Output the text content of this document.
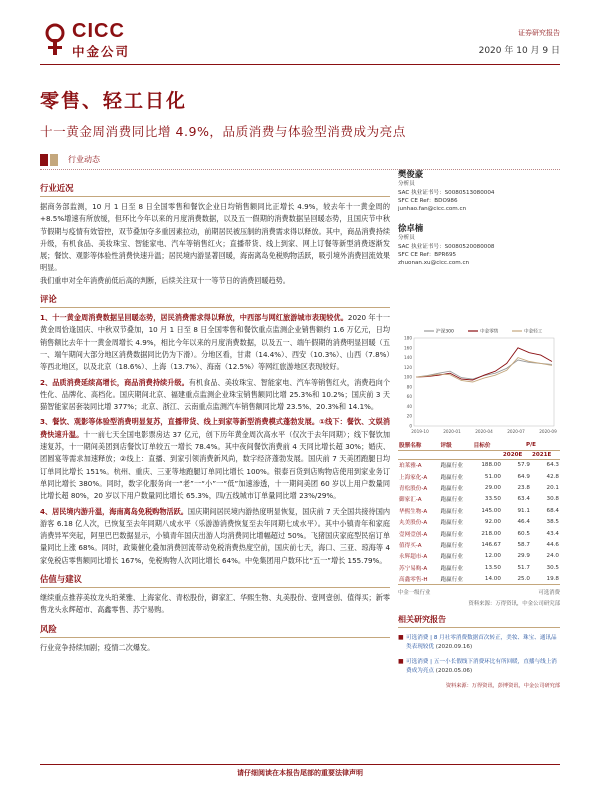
CICC
中金公司
证券研究报告
2020 年 10 月 9 日
零售、轻工日化
十一黄金周消费同比增 4.9%，品质消费与体验型消费成为亮点
行业动态
行业近况

据商务部监测，10 月 1 日至 8 日全国零售和餐饮企业日均销售额同比正增长 4.9%，较去年十一黄金周的+8.5%增速有所放缓，但环比今年以来的月度消费数据，以及五一假期的消费数据呈回暖态势，且国庆节中秋节假期与疫情有效管控，双节叠加夺多重因素拉动，前期居民被压制的消费需求得以释放。其中，商品消费持续升级，有机食品、美妆珠宝、智能家电、汽车等销售红火；直播带货、线上到家、网上订餐等新型消费逐渐发展；餐饮、观影等体验性消费快速升温；居民境内游显著回暖，海南离岛免税购物活跃，吸引境外消费回流效果明显。

我们重申对全年消费前低后高的判断，后续关注双十一等节日的消费回暖趋势。

评论

1、十一黄金周消费数据呈回暖态势，居民消费需求得以释放，中西部与网红旅游城市表现较优。2020 年十一黄金周恰逢国庆、中秋双节叠加，10 月 1 日至 8 日全国零售和餐饮重点监测企业销售额约 1.6 万亿元，日均销售额比去年十一黄金周增长 4.9%，相比今年以来的月度消费数据，以及五一、端午假期的消费明显回暖（五一、端午期间大部分地区消费数据同比仍为下滑）。分地区看，甘肃（14.4%）、西安（10.3%）、山西（7.8%）等西北地区，以及北京（18.6%）、上海（13.7%）、海南（12.5%）等网红旅游地区表现较好。

2、品质消费延续高增长，商品消费持续升级。有机食品、美妆珠宝、智能家电、汽车等销售红火，消费趋向个性化、品牌化、高档化。国庆期间北京、福建重点监测企业珠宝销售额同比增 25.3%和 10.2%；国庆前 3 天猫智能家居套装同比增 377%；北京、浙江、云南重点监测汽车销售额同比增 23.5%、20.3%和 14.1%。

3、餐饮、观影等体验型消费明显复苏，直播带货、线上到家等新型消费模式蓬勃发展。①线下：餐饮、文娱消费快速升温。十一前七天全国电影票房达 37 亿元，创下历年黄金周次高水平（仅次于去年同期）；线下餐饮加速复苏，十一期间美团到店餐饮订单较五一增长 78.4%。其中夜间餐饮消费前 4 天同比增长超 30%；婚庆、团圆宴等需求加速释放；②线上：直播、到家引领消费新风尚，数字经济蓬勃发展。国庆前 7 天美团跑腿日均订单同比增长 151%。杭州、重庆、三亚等地跑腿订单同比增长 100%。银泰百货到店购物店使用到家业务订单同比增长 380%。同时，数字化服务向一“老”一“小”一“低”加速渗透，十一期间美团 60 岁以上用户数量同比增长超 80%，20 岁以下用户数量同比增长 65.3%，四/五线城市订单量同比增 23%/29%。

4、居民境内游升温，海南离岛免税购物活跃。国庆期间居民境内游热度明显恢复，国庆前 7 天全国共接待国内游客 6.18 亿人次，已恢复至去年同期八成水平（乐游游消费恢复至去年同期七成水平）。其中小镇青年和家庭消费异军突起，阿里巴巴数据显示，小镇青年国庆出游人均消费同比增幅超过 50%。飞猪国庆家庭型民宿订单量同比上涨 68%。同时，政策催化叠加消费回流带动免税消费热度空前，国庆前七天，海口、三亚、琼海等 4 家免税店零售额同比增长 167%，免税购物人次同比增长 64%。中免集团用户数环比“五一”增长 155.79%。

估值与建议

继续重点推荐美妆龙头珀莱雅、上海家化、青松股份，御家汇、华熙生物、丸美股份、壹网壹创、值得买；新零售龙头永辉超市、高鑫零售、苏宁易购。

风险

行业竞争持续加剧；疫情二次爆发。

樊俊豪
分析员
SAC 执业证书号：S0080513080004
SFC CE Ref：BDO986
junhao.fan@cicc.com.cn
徐卓楠
分析员
SAC 执业证书号：S0080520080008
SFC CE Ref：BPR695
zhuonan.xu@cicc.com.cn
0
20
40
60
80
100
120
140
160
180
2019-10	2020-01	2020-04	2020-07	2020-09
沪深300	中金零售	中金轻工
股票名称	评级	目标价	P/E	
			2020E	2021E
珀莱雅-A	跑赢行业	188.00	57.9	64.3
上海家化-A	跑赢行业	51.00	64.9	42.8
青松股份-A	跑赢行业	29.00	23.8	20.1
御家汇-A	跑赢行业	33.50	63.4	30.8
华熙生物-A	跑赢行业	145.00	91.1	68.4
丸美股份-A	跑赢行业	92.00	46.4	38.5
壹网壹创-A	跑赢行业	218.00	60.5	43.4
值得买-A	跑赢行业	146.67	58.7	44.6
永辉超市-A	跑赢行业	12.00	29.9	24.0
苏宁易购-A	跑赢行业	13.50	51.7	30.5
高鑫零售-H	跑赢行业	14.00	25.0	19.8
中金一级行业	可选消费
资料来源：万得资讯，中金公司研究部
相关研究报告
■ 可选消费 | 8 月社零消费数据首次转正，美妆、珠宝、通讯品类表现较优 (2020.09.16)
■ 可选消费 | 五一小长假线下消费环比有所回暖，直播与线上消费成为亮点 (2020.05.06)
资料来源：万得资讯，彭博资讯，中金公司研究部
请仔细阅读在本报告尾部的重要法律声明
